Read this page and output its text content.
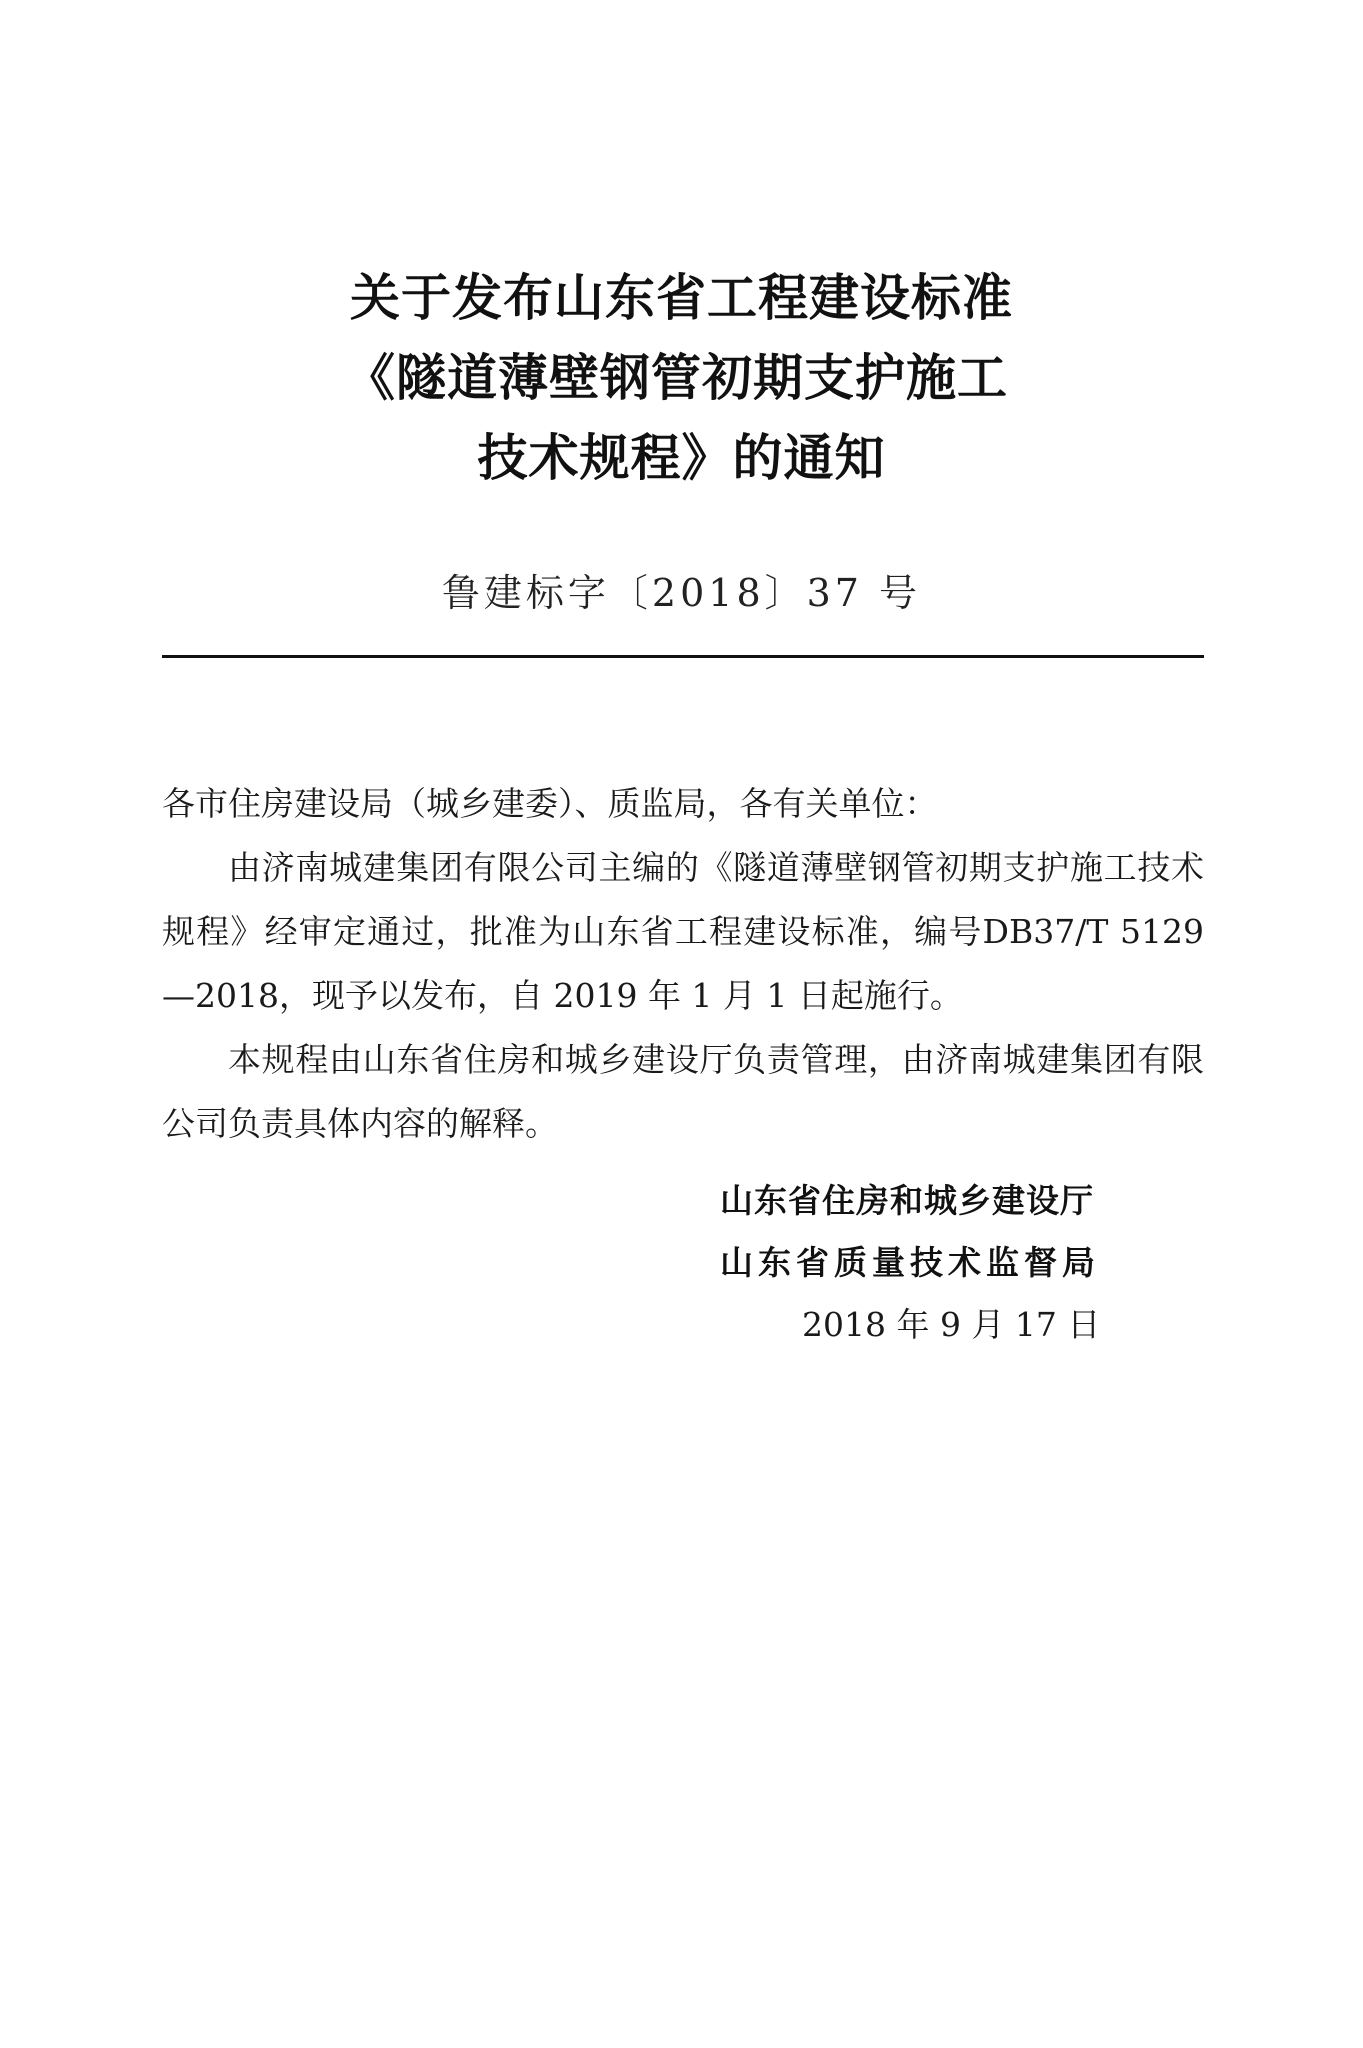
关于发布山东省工程建设标准
《隧道薄壁钢管初期支护施工
技术规程》的通知
鲁建标字〔2018〕37 号

各市住房建设局（城乡建委）、质监局，各有关单位：

由济南城建集团有限公司主编的《隧道薄壁钢管初期支护施工技术规程》经审定通过，批准为山东省工程建设标准，编号DB37/T 5129—2018，现予以发布，自 2019 年 1 月 1 日起施行。

本规程由山东省住房和城乡建设厅负责管理，由济南城建集团有限公司负责具体内容的解释。

山东省住房和城乡建设厅
山东省质量技术监督局
2018 年 9 月 17 日
